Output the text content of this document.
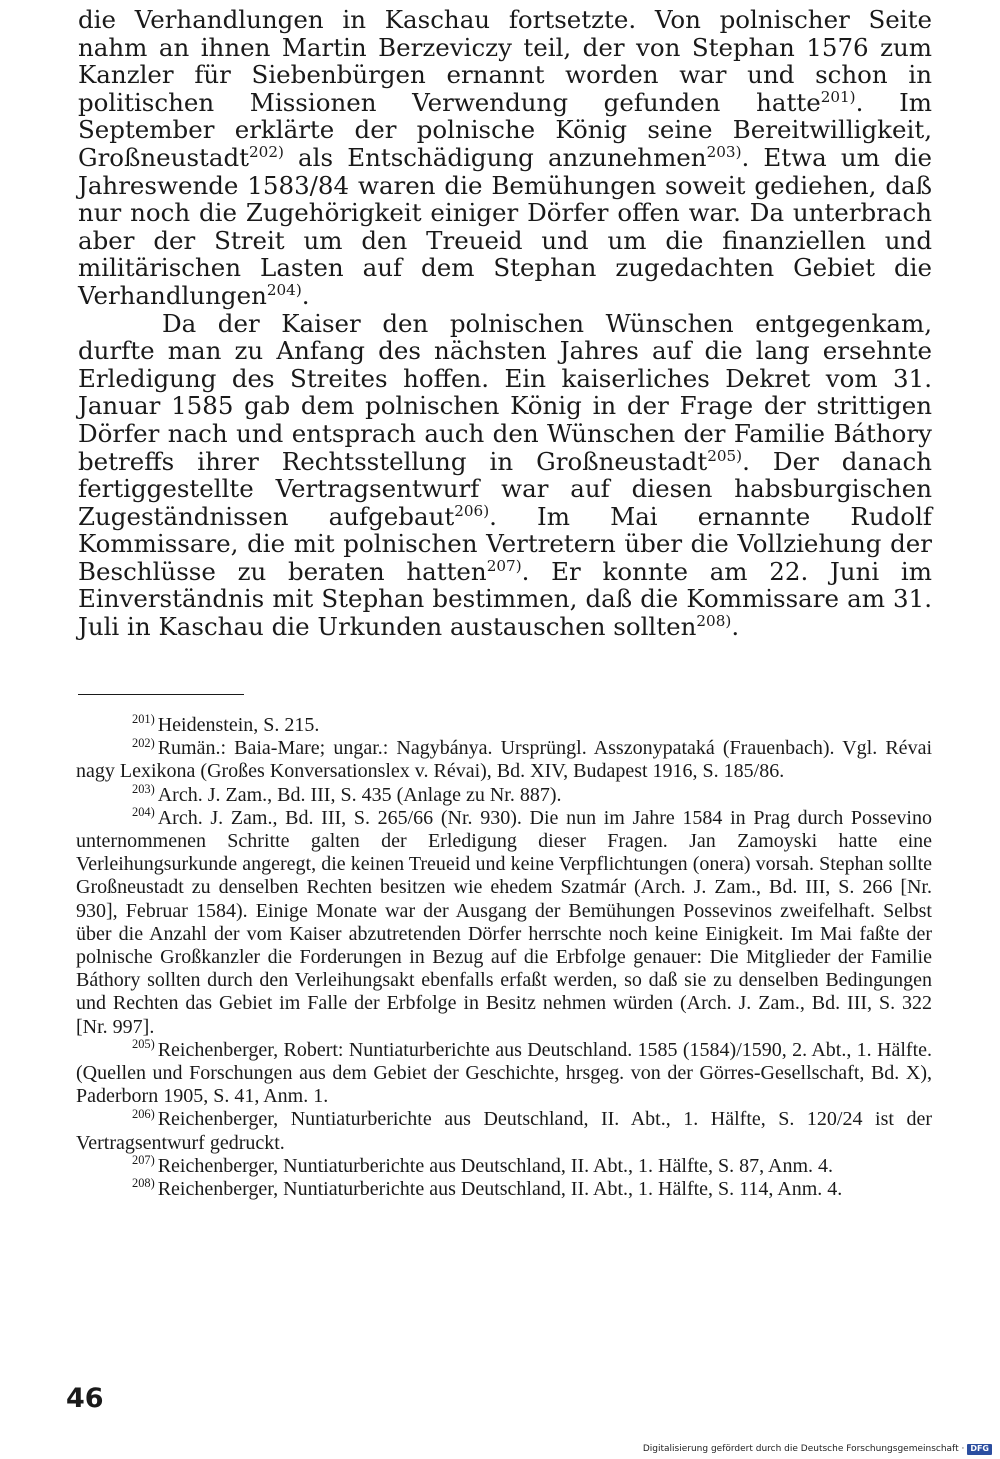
die Verhandlungen in Kaschau fortsetzte. Von polnischer Seite nahm an ihnen Martin Berzeviczy teil, der von Stephan 1576 zum Kanzler für Siebenbürgen ernannt worden war und schon in politischen Missionen Verwendung gefunden hatte$^{201)}$. Im September erklärte der polnische König seine Bereitwilligkeit, Großneustadt$^{202)}$ als Entschädigung anzunehmen$^{203)}$. Etwa um die Jahreswende 1583/84 waren die Bemühungen soweit gediehen, daß nur noch die Zugehörigkeit einiger Dörfer offen war. Da unterbrach aber der Streit um den Treueid und um die finanziellen und militärischen Lasten auf dem Stephan zugedachten Gebiet die Verhandlungen$^{204)}$.

Da der Kaiser den polnischen Wünschen entgegenkam, durfte man zu Anfang des nächsten Jahres auf die lang ersehnte Erledigung des Streites hoffen. Ein kaiserliches Dekret vom 31. Januar 1585 gab dem polnischen König in der Frage der strittigen Dörfer nach und entsprach auch den Wünschen der Familie Báthory betreffs ihrer Rechtsstellung in Großneustadt$^{205)}$. Der danach fertiggestellte Vertragsentwurf war auf diesen habsburgischen Zugeständnissen aufgebaut$^{206)}$. Im Mai ernannte Rudolf Kommissare, die mit polnischen Vertretern über die Vollziehung der Beschlüsse zu beraten hatten$^{207)}$. Er konnte am 22. Juni im Einverständnis mit Stephan bestimmen, daß die Kommissare am 31. Juli in Kaschau die Urkunden austauschen sollten$^{208)}$.

$^{201)}$ Heidenstein, S. 215.

$^{202)}$ Rumän.: Baia-Mare; ungar.: Nagybánya. Ursprüngl. Asszonypataká (Frauenbach). Vgl. Révai nagy Lexikona (Großes Konversationslex v. Révai), Bd. XIV, Budapest 1916, S. 185/86.

$^{203)}$ Arch. J. Zam., Bd. III, S. 435 (Anlage zu Nr. 887).

$^{204)}$ Arch. J. Zam., Bd. III, S. 265/66 (Nr. 930). Die nun im Jahre 1584 in Prag durch Possevino unternommenen Schritte galten der Erledigung dieser Fragen. Jan Zamoyski hatte eine Verleihungsurkunde angeregt, die keinen Treueid und keine Verpflichtungen (onera) vorsah. Stephan sollte Großneustadt zu denselben Rechten besitzen wie ehedem Szatmár (Arch. J. Zam., Bd. III, S. 266 [Nr. 930], Februar 1584). Einige Monate war der Ausgang der Bemühungen Possevinos zweifelhaft. Selbst über die Anzahl der vom Kaiser abzutretenden Dörfer herrschte noch keine Einigkeit. Im Mai faßte der polnische Großkanzler die Forderungen in Bezug auf die Erbfolge genauer: Die Mitglieder der Familie Báthory sollten durch den Verleihungsakt ebenfalls erfaßt werden, so daß sie zu denselben Bedingungen und Rechten das Gebiet im Falle der Erbfolge in Besitz nehmen würden (Arch. J. Zam., Bd. III, S. 322 [Nr. 997].

$^{205)}$ Reichenberger, Robert: Nuntiaturberichte aus Deutschland. 1585 (1584)/1590, 2. Abt., 1. Hälfte. (Quellen und Forschungen aus dem Gebiet der Geschichte, hrsgeg. von der Görres-Gesellschaft, Bd. X), Paderborn 1905, S. 41, Anm. 1.

$^{206)}$ Reichenberger, Nuntiaturberichte aus Deutschland, II. Abt., 1. Hälfte, S. 120/24 ist der Vertragsentwurf gedruckt.

$^{207)}$ Reichenberger, Nuntiaturberichte aus Deutschland, II. Abt., 1. Hälfte, S. 87, Anm. 4.

$^{208)}$ Reichenberger, Nuntiaturberichte aus Deutschland, II. Abt., 1. Hälfte, S. 114, Anm. 4.

46
Digitalisierung gefördert durch die Deutsche Forschungsgemeinschaft · DFG
